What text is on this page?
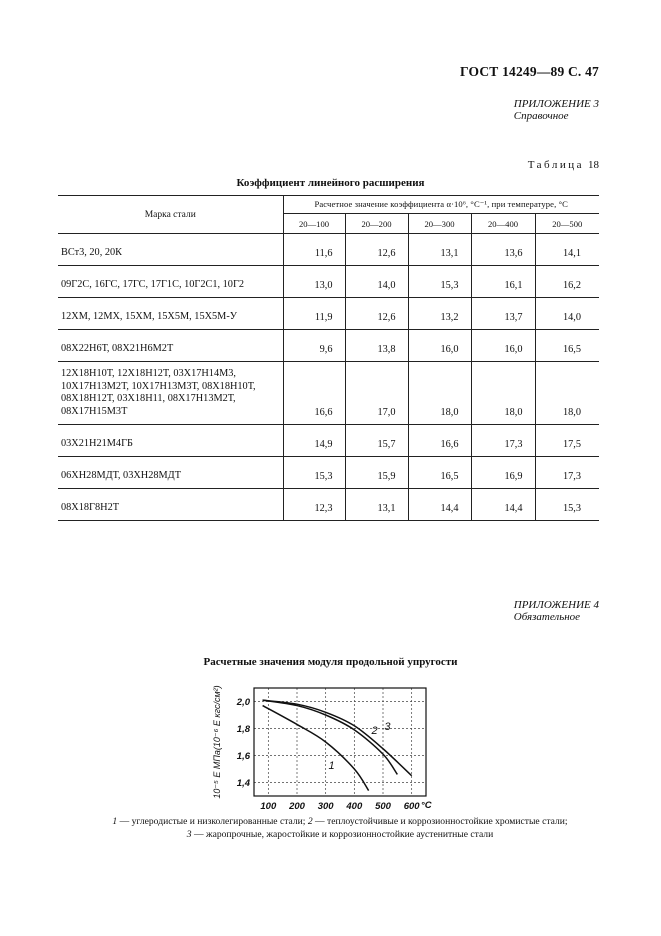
ГОСТ 14249—89 С. 47
ПРИЛОЖЕНИЕ 3
Справочное
Таблица 18
Коэффициент линейного расширения
Марка стали	Расчетное значение коэффициента α·10⁶, °С⁻¹, при температуре, °С				
	20—100	20—200	20—300	20—400	20—500

ВСт3, 20, 20К	11,6	12,6	13,1	13,6	14,1

09Г2С, 16ГС, 17ГС, 17Г1С, 10Г2С1, 10Г2	13,0	14,0	15,3	16,1	16,2

12ХМ, 12МХ, 15ХМ, 15Х5М, 15Х5М-У	11,9	12,6	13,2	13,7	14,0

08Х22Н6Т, 08Х21Н6М2Т	9,6	13,8	16,0	16,0	16,5

12Х18Н10Т, 12Х18Н12Т, 03Х17Н14М3,
10Х17Н13М2Т, 10Х17Н13М3Т, 08Х18Н10Т,
08Х18Н12Т, 03Х18Н11, 08Х17Н13М2Т,
08Х17Н15М3Т	16,6	17,0	18,0	18,0	18,0

03Х21Н21М4ГБ	14,9	15,7	16,6	17,3	17,5

06ХН28МДТ, 03ХН28МДТ	15,3	15,9	16,5	16,9	17,3

08Х18Г8Н2Т	12,3	13,1	14,4	14,4	15,3
ПРИЛОЖЕНИЕ 4
Обязательное
Расчетные значения модуля продольной упругости
1
2 3
2,0
1,8
1,6
1,4
100 200 300 400 500 600 °С
10⁻⁵ Е МПа(10⁻⁶ Е кгс/см²)
1 — углеродистые и низколегированные стали; 2 — теплоустойчивые и коррозионностойкие хромистые стали;
3 — жаропрочные, жаростойкие и коррозионностойкие аустенитные стали
